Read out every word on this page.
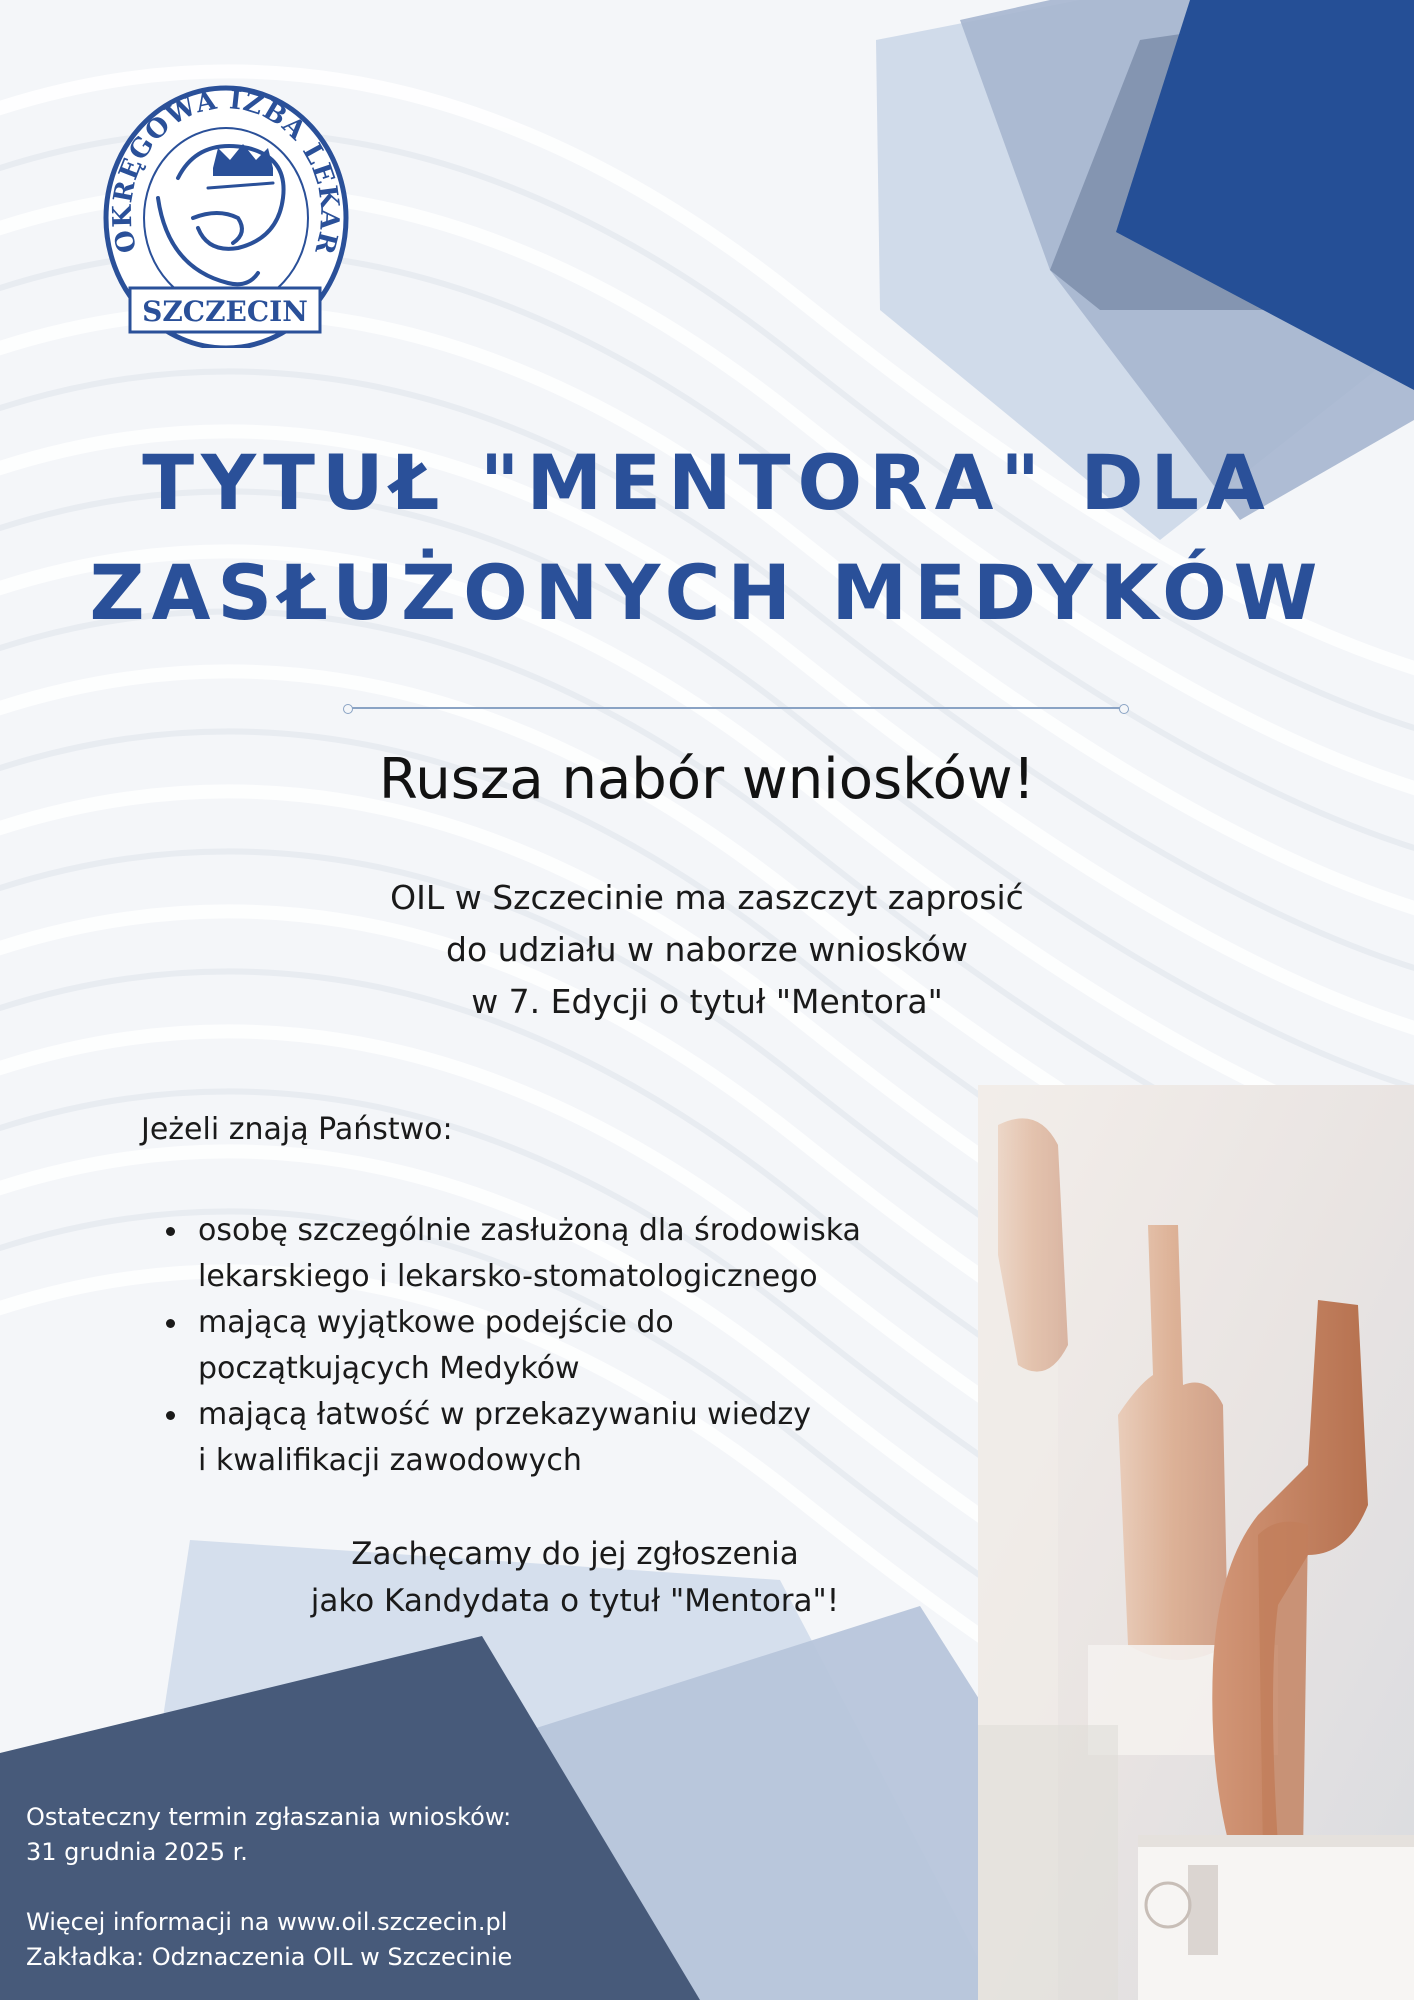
OKRĘGOWA IZBA LEKAR
SZCZECIN
TYTUŁ "MENTORA" DLA
ZASŁUŻONYCH MEDYKÓW
Rusza nabór wniosków!
OIL w Szczecinie ma zaszczyt zaprosić
do udziału w naborze wniosków
w 7. Edycji o tytuł "Mentora"
Jeżeli znają Państwo:
osobę szczególnie zasłużoną dla środowiska
lekarskiego i lekarsko-stomatologicznego
mającą wyjątkowe podejście do
początkujących Medyków
mającą łatwość w przekazywaniu wiedzy
i kwalifikacji zawodowych
Zachęcamy do jej zgłoszenia
jako Kandydata o tytuł "Mentora"!
Ostateczny termin zgłaszania wniosków:
31 grudnia 2025 r.
Więcej informacji na www.oil.szczecin.pl
Zakładka: Odznaczenia OIL w Szczecinie
